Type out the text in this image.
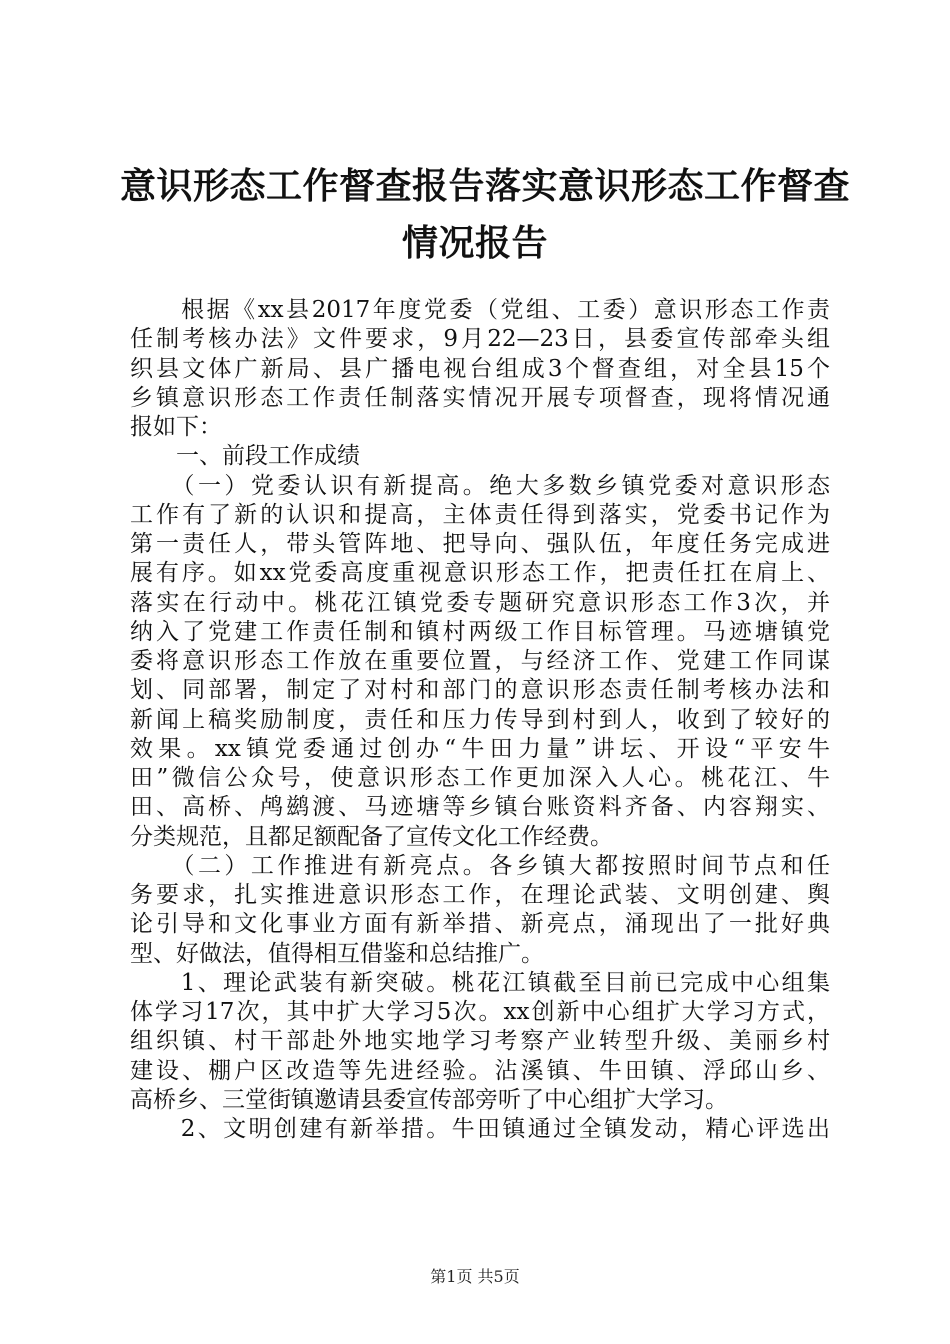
意识形态工作督查报告落实意识形态工作督查
情况报告
　　根据《xx县2017年度党委（党组、工委）意识形态工作责
任制考核办法》文件要求，9月22—23日，县委宣传部牵头组
织县文体广新局、县广播电视台组成3个督查组，对全县15个
乡镇意识形态工作责任制落实情况开展专项督查，现将情况通
报如下：
　　一、前段工作成绩
　　（一）党委认识有新提高。绝大多数乡镇党委对意识形态
工作有了新的认识和提高，主体责任得到落实，党委书记作为
第一责任人，带头管阵地、把导向、强队伍，年度任务完成进
展有序。如xx党委高度重视意识形态工作，把责任扛在肩上、
落实在行动中。桃花江镇党委专题研究意识形态工作3次，并
纳入了党建工作责任制和镇村两级工作目标管理。马迹塘镇党
委将意识形态工作放在重要位置，与经济工作、党建工作同谋
划、同部署，制定了对村和部门的意识形态责任制考核办法和
新闻上稿奖励制度，责任和压力传导到村到人，收到了较好的
效果。xx镇党委通过创办“牛田力量”讲坛、开设“平安牛
田”微信公众号，使意识形态工作更加深入人心。桃花江、牛
田、高桥、鸬鹚渡、马迹塘等乡镇台账资料齐备、内容翔实、
分类规范，且都足额配备了宣传文化工作经费。
　　（二）工作推进有新亮点。各乡镇大都按照时间节点和任
务要求，扎实推进意识形态工作，在理论武装、文明创建、舆
论引导和文化事业方面有新举措、新亮点，涌现出了一批好典
型、好做法，值得相互借鉴和总结推广。
　　1、理论武装有新突破。桃花江镇截至目前已完成中心组集
体学习17次，其中扩大学习5次。xx创新中心组扩大学习方式，
组织镇、村干部赴外地实地学习考察产业转型升级、美丽乡村
建设、棚户区改造等先进经验。沾溪镇、牛田镇、浮邱山乡、
高桥乡、三堂街镇邀请县委宣传部旁听了中心组扩大学习。
　　2、文明创建有新举措。牛田镇通过全镇发动，精心评选出
第1页 共5页
